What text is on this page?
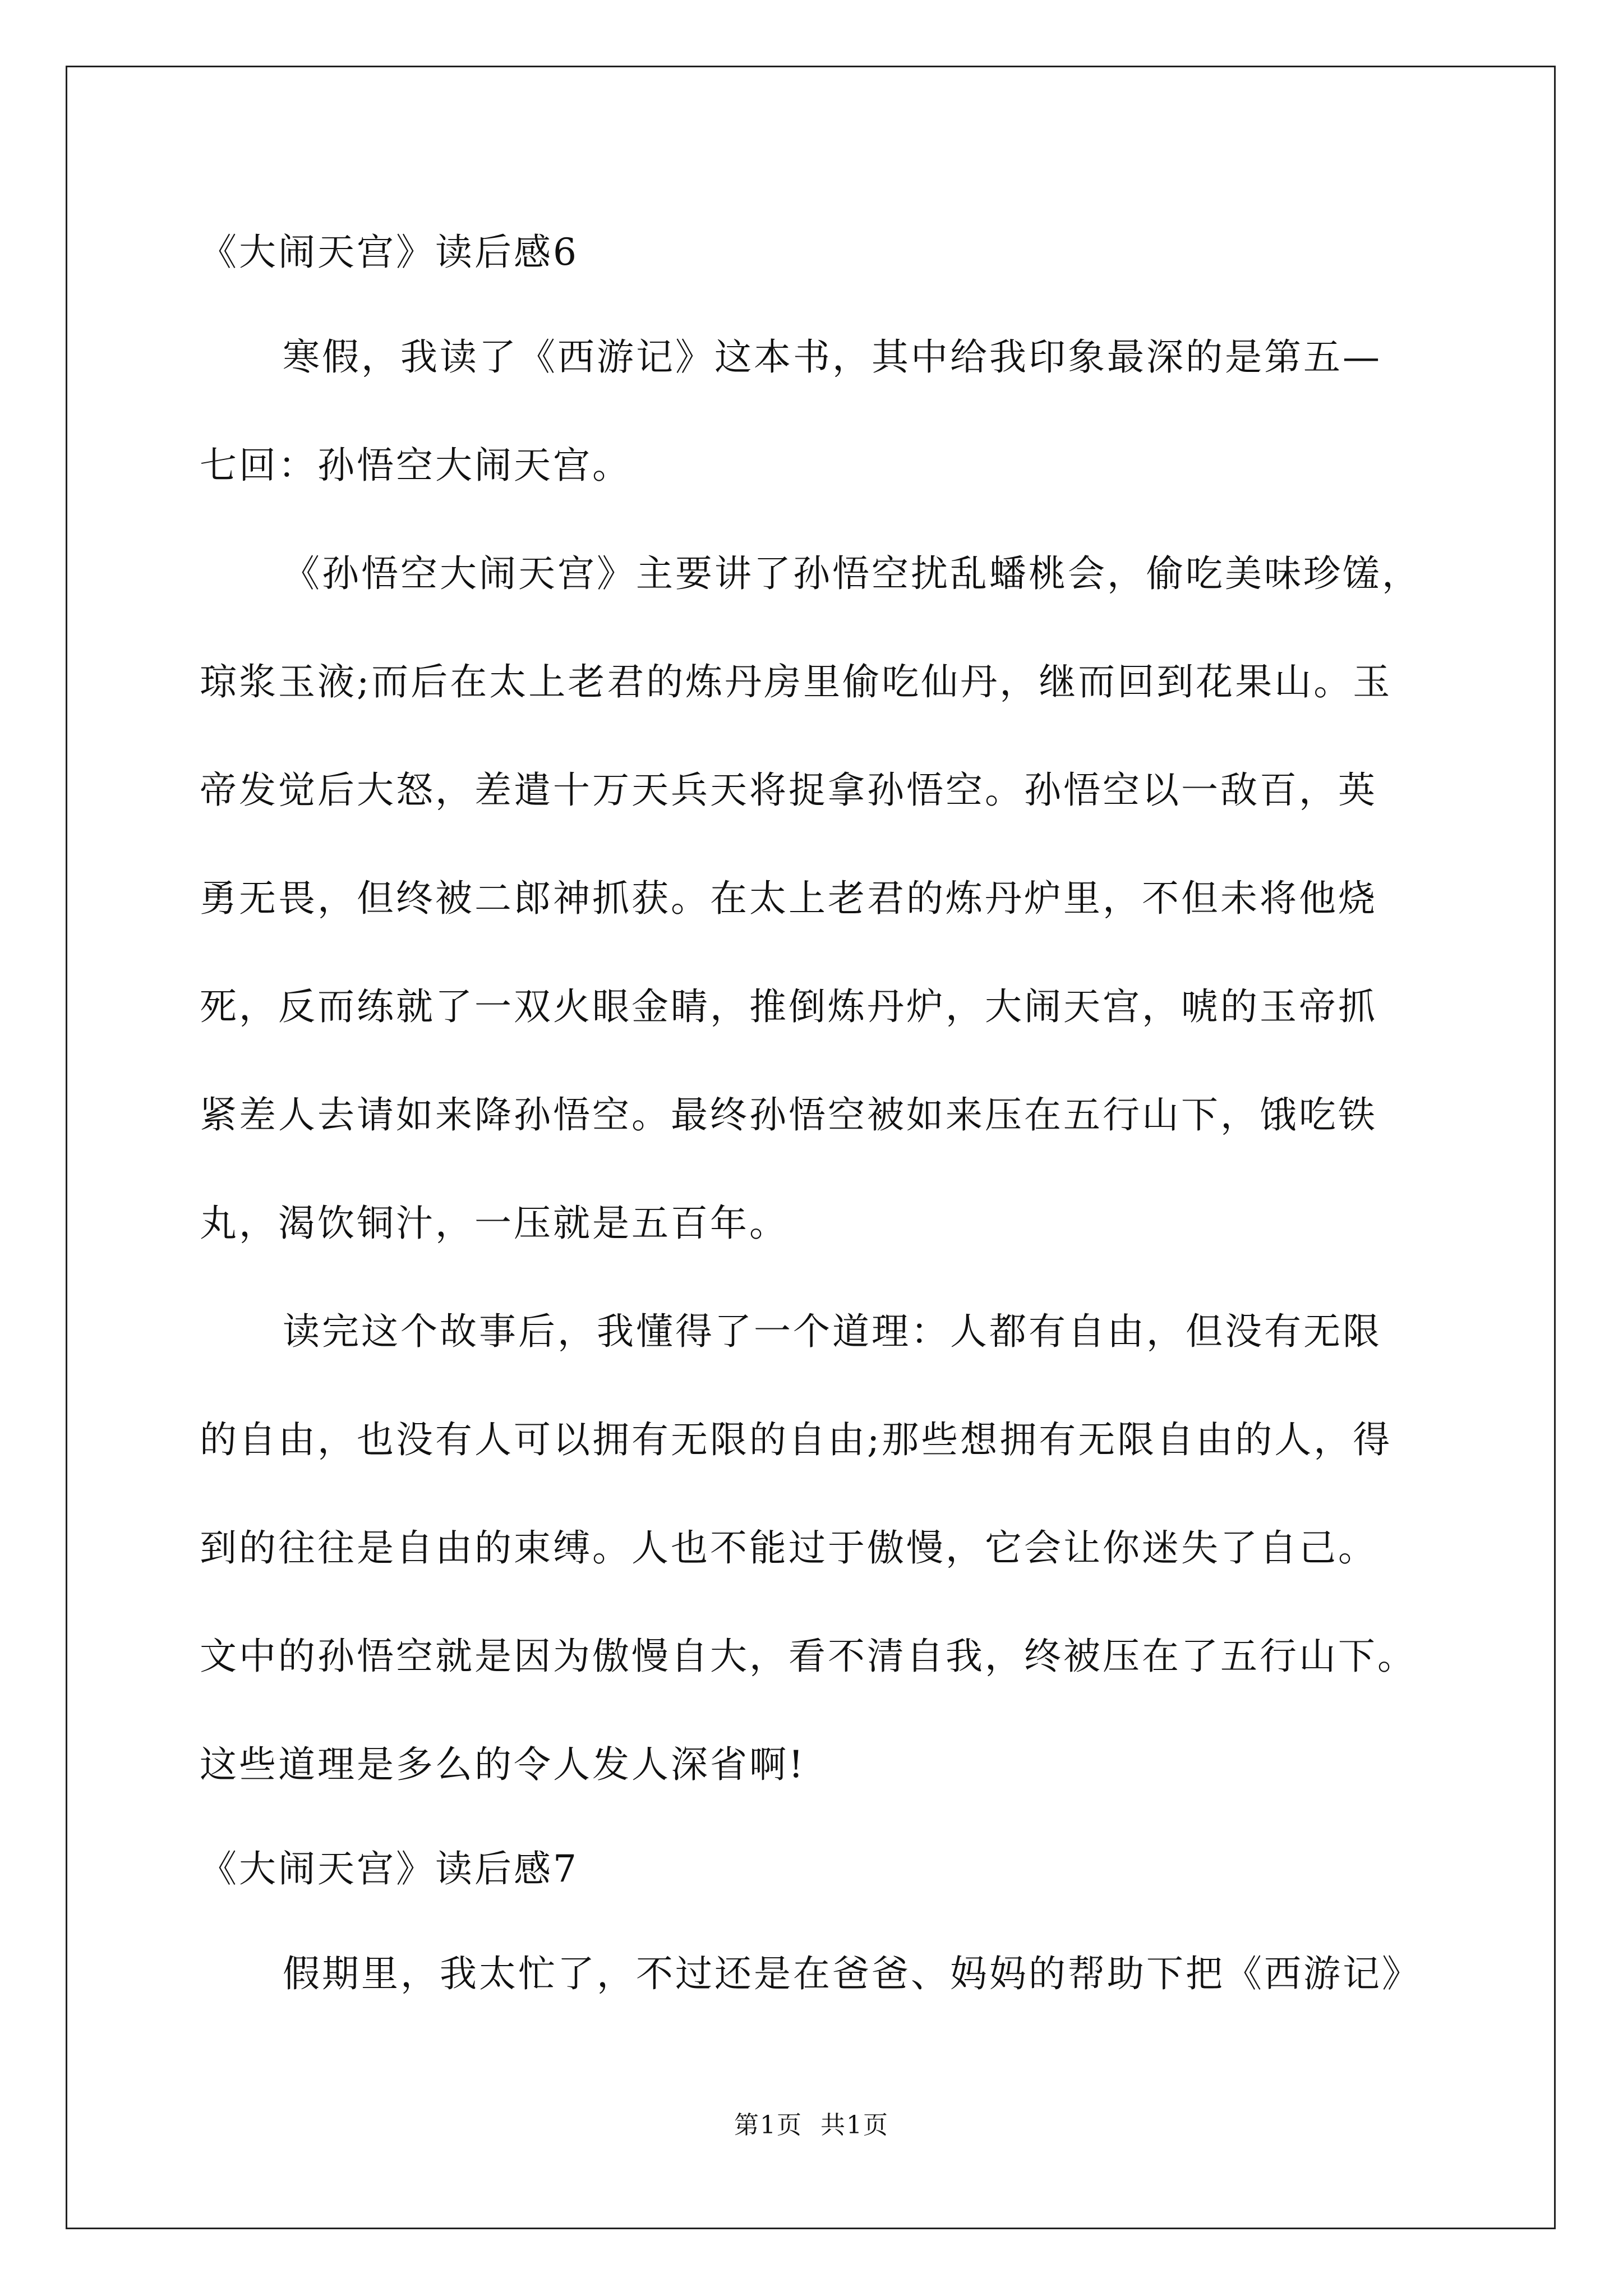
《大闹天宫》读后感6
寒假，我读了《西游记》这本书，其中给我印象最深的是第五—
七回：孙悟空大闹天宫。
《孙悟空大闹天宫》主要讲了孙悟空扰乱蟠桃会，偷吃美味珍馐，
琼浆玉液;而后在太上老君的炼丹房里偷吃仙丹，继而回到花果山。玉
帝发觉后大怒，差遣十万天兵天将捉拿孙悟空。孙悟空以一敌百，英
勇无畏，但终被二郎神抓获。在太上老君的炼丹炉里，不但未将他烧
死，反而练就了一双火眼金睛，推倒炼丹炉，大闹天宫，唬的玉帝抓
紧差人去请如来降孙悟空。最终孙悟空被如来压在五行山下，饿吃铁
丸，渴饮铜汁，一压就是五百年。
读完这个故事后，我懂得了一个道理：人都有自由，但没有无限
的自由，也没有人可以拥有无限的自由;那些想拥有无限自由的人，得
到的往往是自由的束缚。人也不能过于傲慢，它会让你迷失了自己。
文中的孙悟空就是因为傲慢自大，看不清自我，终被压在了五行山下。
这些道理是多么的令人发人深省啊!
《大闹天宫》读后感7
假期里，我太忙了，不过还是在爸爸、妈妈的帮助下把《西游记》
第1页 共1页
